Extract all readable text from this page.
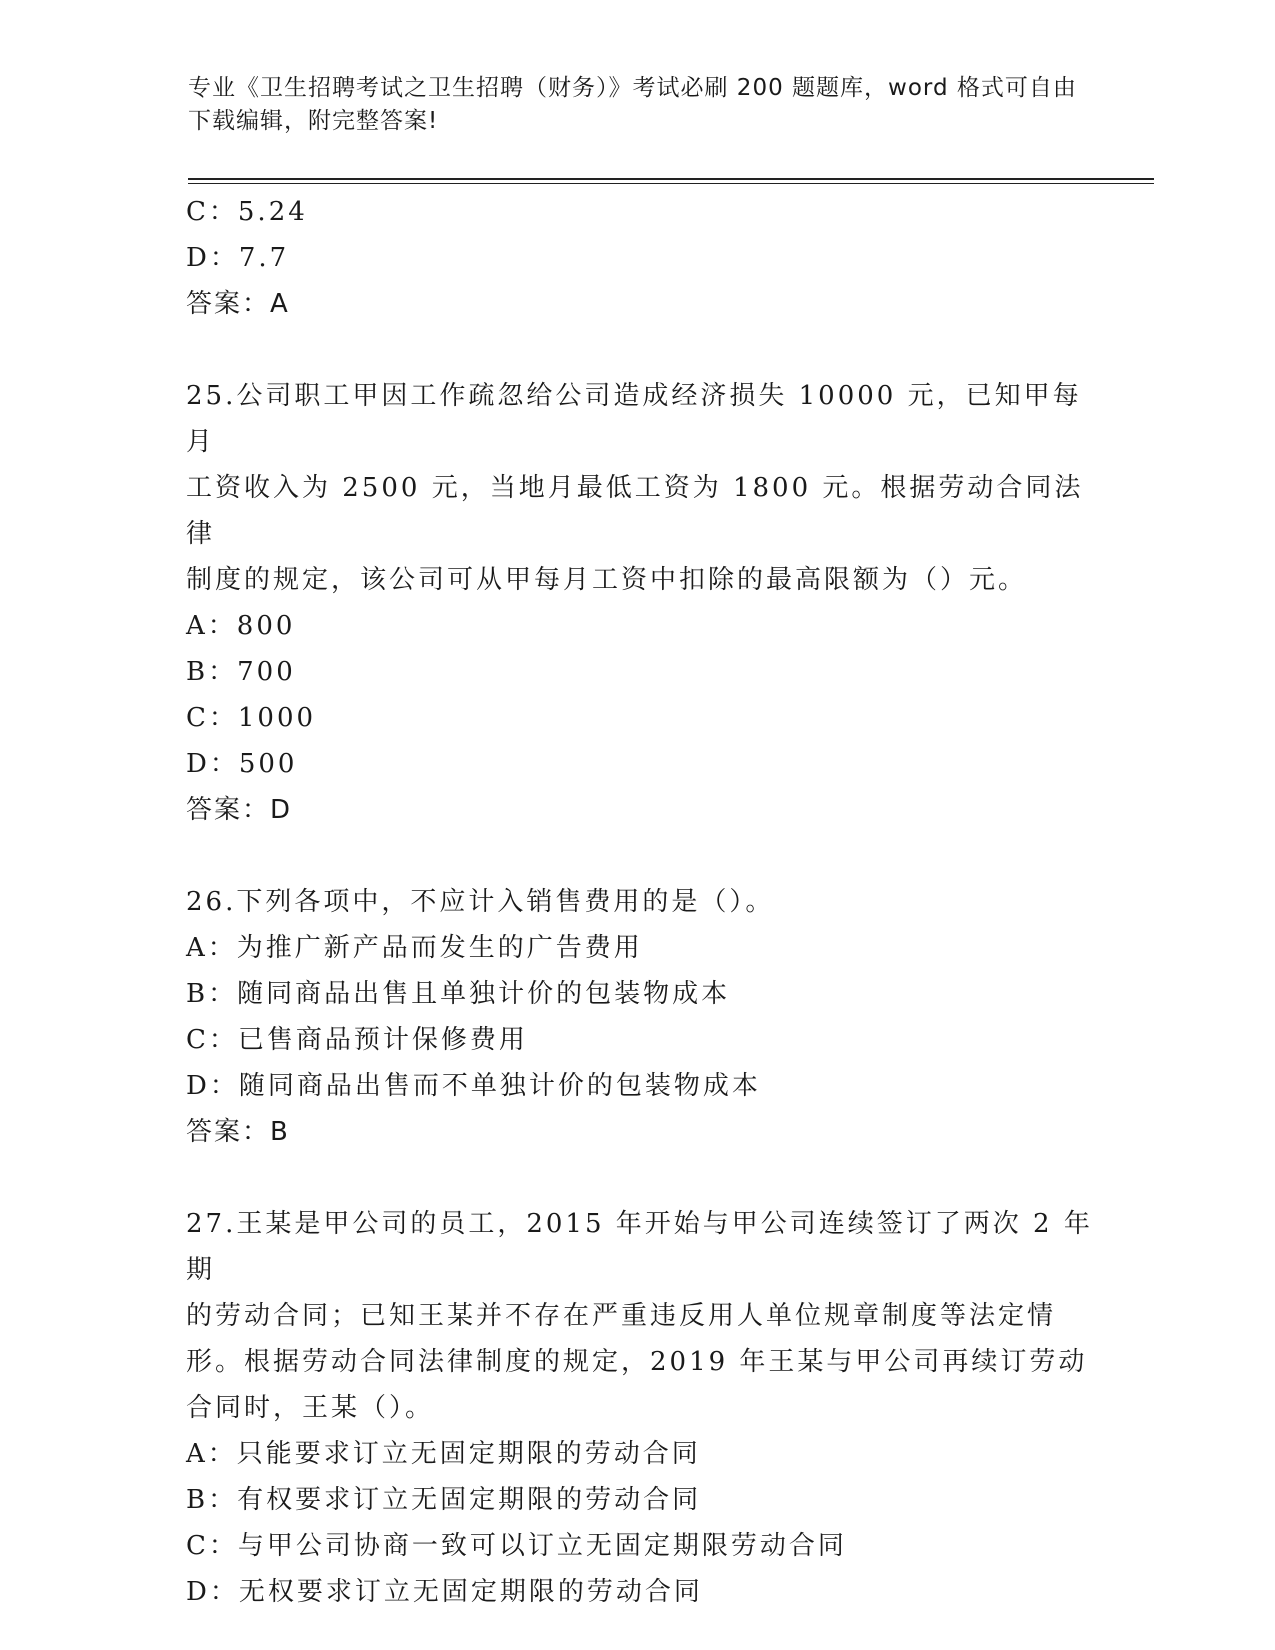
专业《卫生招聘考试之卫生招聘（财务）》考试必刷 200 题题库，word 格式可自由下载编辑，附完整答案!
C：5.24
D：7.7
答案：A
25.公司职工甲因工作疏忽给公司造成经济损失 10000 元，已知甲每月
工资收入为 2500 元，当地月最低工资为 1800 元。根据劳动合同法律
制度的规定，该公司可从甲每月工资中扣除的最高限额为（）元。
A：800
B：700
C：1000
D：500
答案：D
26.下列各项中，不应计入销售费用的是（）。
A：为推广新产品而发生的广告费用
B：随同商品出售且单独计价的包装物成本
C：已售商品预计保修费用
D：随同商品出售而不单独计价的包装物成本
答案：B
27.王某是甲公司的员工，2015 年开始与甲公司连续签订了两次 2 年期
的劳动合同；已知王某并不存在严重违反用人单位规章制度等法定情
形。根据劳动合同法律制度的规定，2019 年王某与甲公司再续订劳动
合同时，王某（）。
A：只能要求订立无固定期限的劳动合同
B：有权要求订立无固定期限的劳动合同
C：与甲公司协商一致可以订立无固定期限劳动合同
D：无权要求订立无固定期限的劳动合同
